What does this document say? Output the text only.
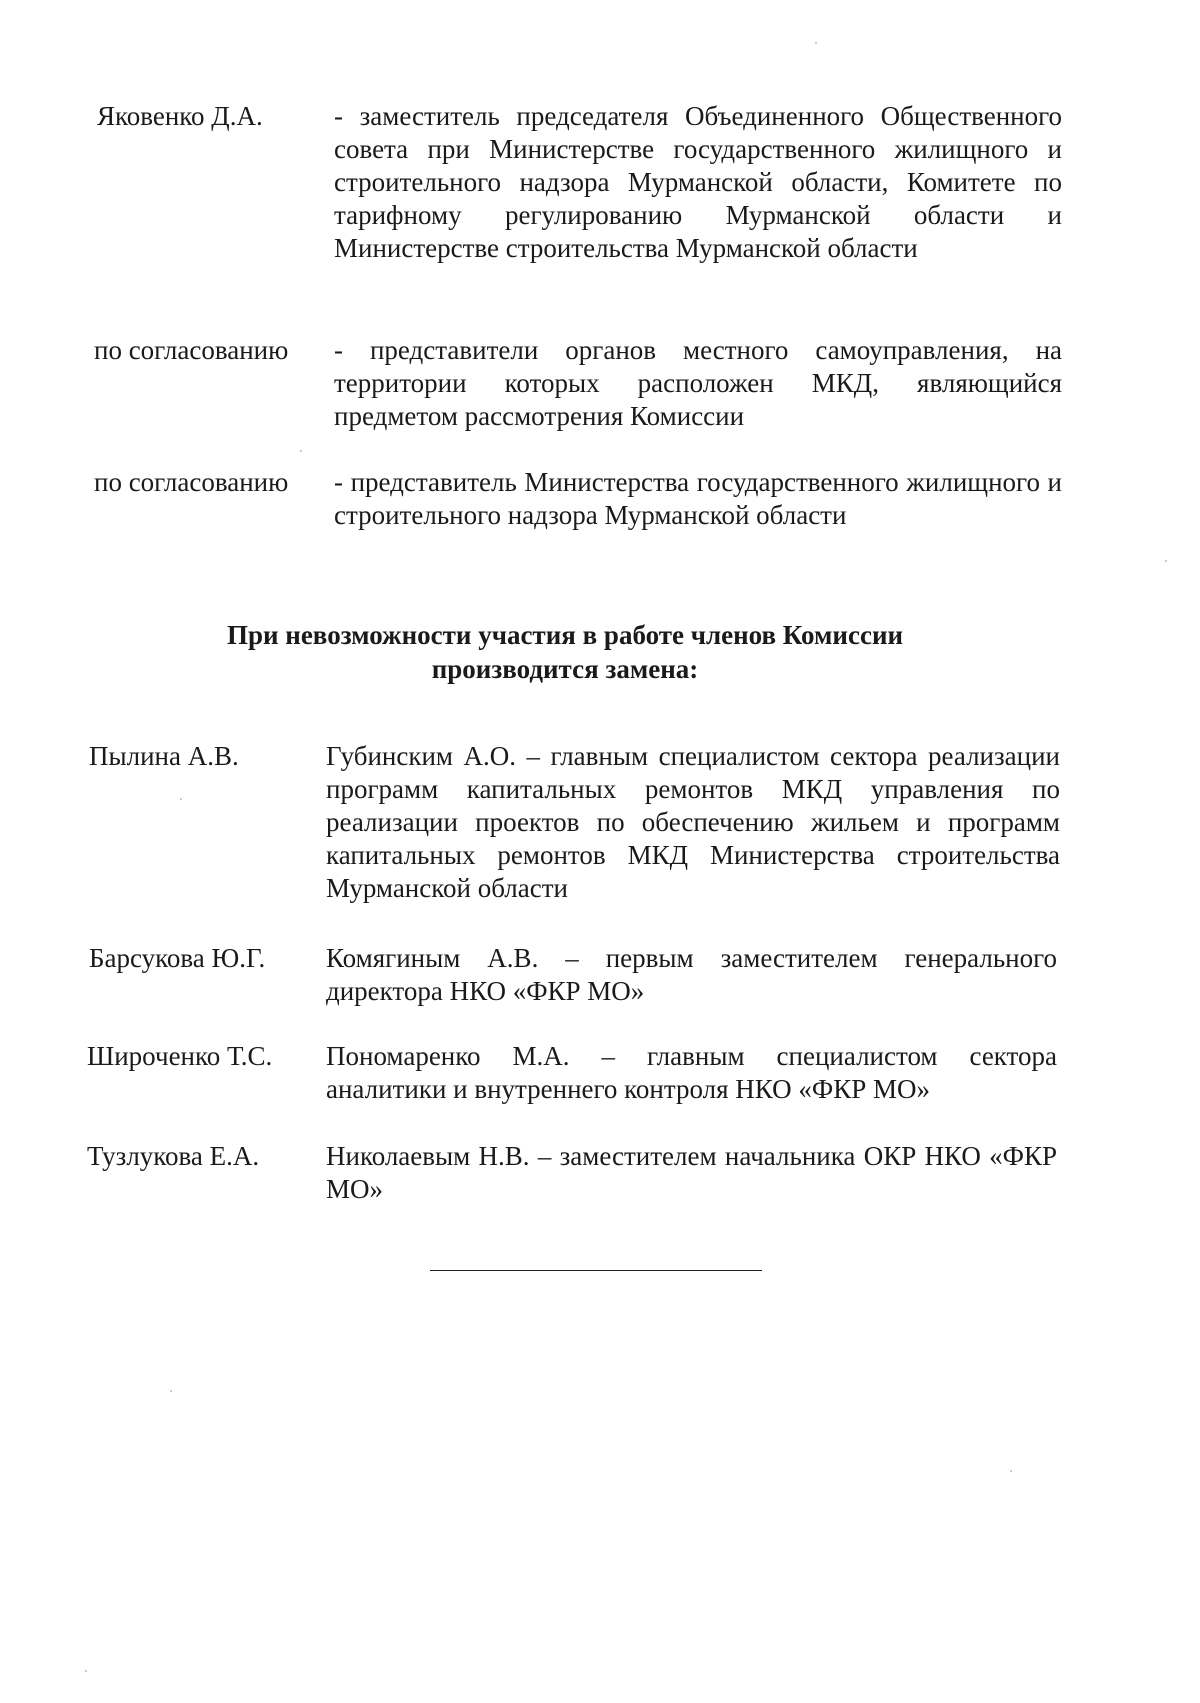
Яковенко Д.А.	- заместитель председателя Объединенного Общественного совета при Министерстве государственного жилищного и строительного надзора Мурманской области, Комитете по тарифному регулированию Мурманской области и Министерстве строительства Мурманской области
по согласованию - представители органов местного самоуправления, на территории которых расположен МКД, являющийся предметом рассмотрения Комиссии
по согласованию - представитель Министерства государственного жилищного и строительного надзора Мурманской области
При невозможности участия в работе членов Комиссии
производится замена:
Пылина А.В.	Губинским А.О. – главным специалистом сектора реализации программ капитальных ремонтов МКД управления по реализации проектов по обеспечению жильем и программ капитальных ремонтов МКД Министерства строительства Мурманской области
Барсукова Ю.Г. Комягиным А.В. – первым заместителем генерального директора НКО «ФКР МО»
Широченко Т.С. Пономаренко М.А. – главным специалистом сектора аналитики и внутреннего контроля НКО «ФКР МО»
Тузлукова Е.А. Николаевым Н.В. – заместителем начальника ОКР НКО «ФКР МО»
